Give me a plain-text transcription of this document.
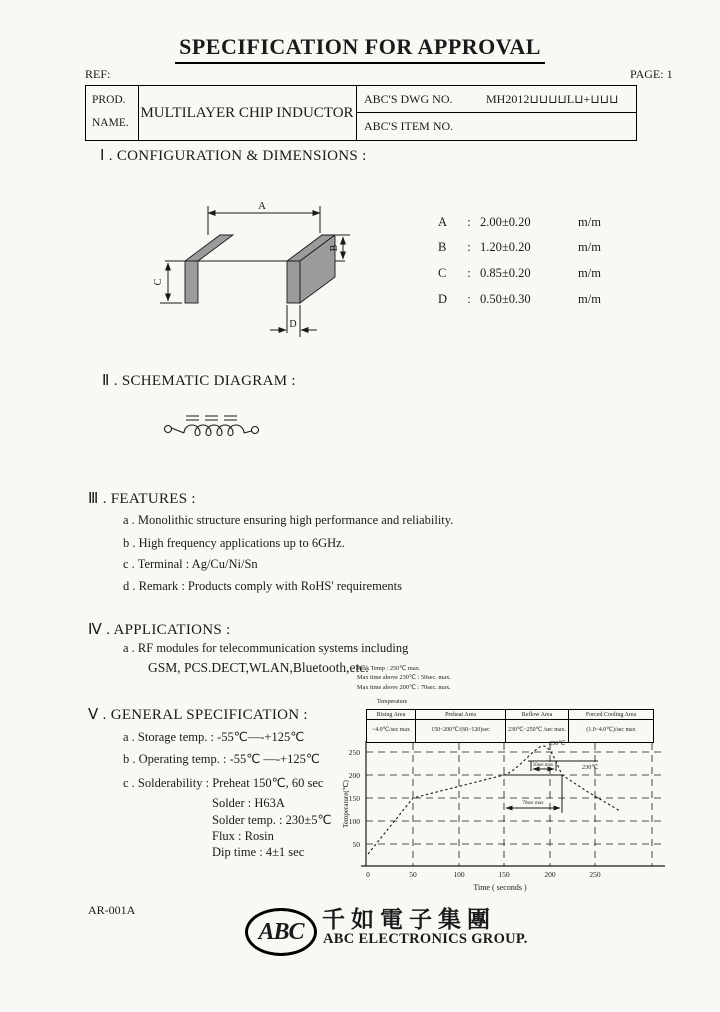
SPECIFICATION FOR APPROVAL
REF:	PAGE: 1
PROD.
NAME.
MULTILAYER CHIP INDUCTOR
ABC'S DWG NO.	MH2012⊔⊔⊔⊔L⊔+⊔⊔⊔
ABC'S ITEM NO.
Ⅰ . CONFIGURATION & DIMENSIONS :
A
B
C
D
A	: 2.00±0.20	m/m
B	: 1.20±0.20	m/m
C	: 0.85±0.20	m/m
D	: 0.50±0.30	m/m
Ⅱ . SCHEMATIC DIAGRAM :
Ⅲ . FEATURES :
a . Monolithic structure ensuring high performance and reliability.
b . High frequency applications up to 6GHz.
c . Terminal : Ag/Cu/Ni/Sn
d . Remark : Products comply with RoHS' requirements
Ⅳ . APPLICATIONS :
a . RF modules for telecommunication systems including
GSM, PCS.DECT,WLAN,Bluetooth,etc.
Peak Temp : 250℃ max.
Max time above 230℃ : 50sec. max.
Max time above 200℃ : 70sec. max.
Temperature
Rising Area	Preheat Area	Reflow Area	Forced Cooling Area
~4.0℃/sec max	150~200℃/(60~120)sec	230℃~250℃ /sec max.	(1.0~4.0℃)/sec max
Ⅴ . GENERAL SPECIFICATION :
a . Storage temp. : -55℃—-+125℃
b . Operating temp. : -55℃ —-+125℃
c . Solderability : Preheat 150℃, 60 sec
Solder : H63A
Solder temp. : 230±5℃
Flux : Rosin
Dip time : 4±1 sec
250℃
230℃
50sec max
70sec max
250
200
150
100
50
0	50	100	150	200	250
Time ( seconds )
Temperature(℃)
AR-001A
ABC 千如電子集團
ABC ELECTRONICS GROUP.
